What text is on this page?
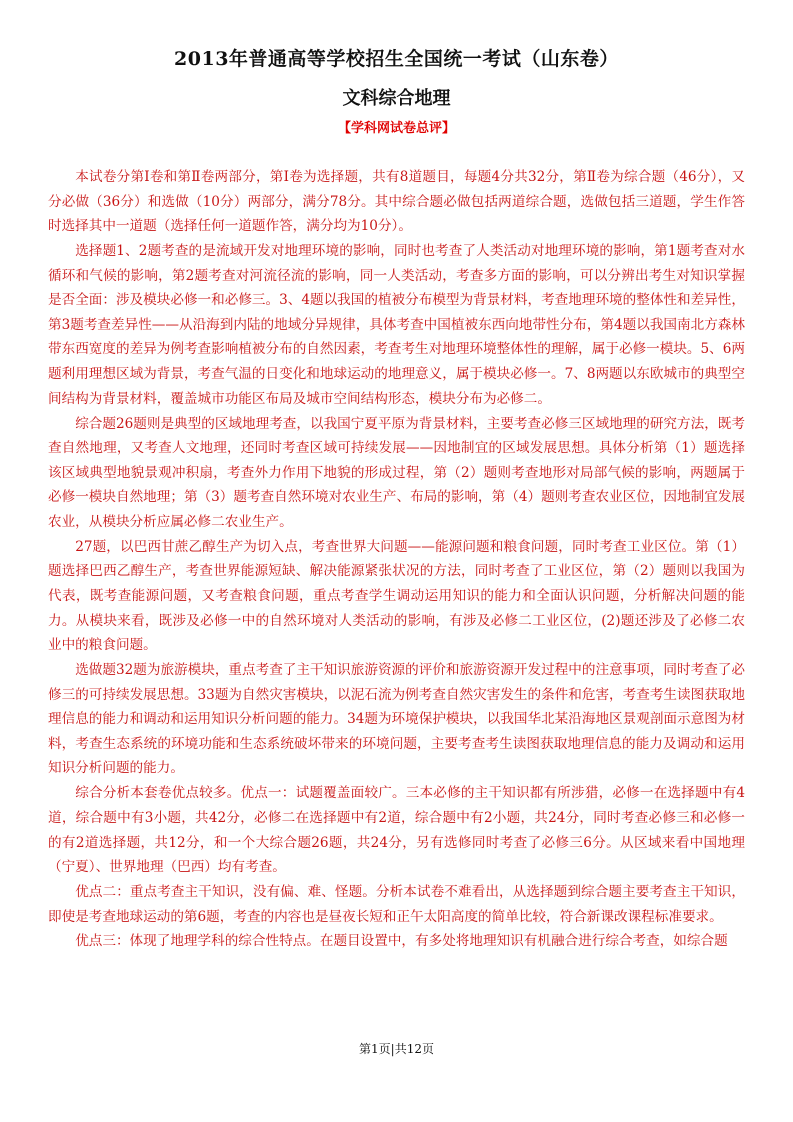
2013年普通高等学校招生全国统一考试（山东卷）
文科综合地理
【学科网试卷总评】

本试卷分第Ⅰ卷和第Ⅱ卷两部分，第Ⅰ卷为选择题，共有8道题目，每题4分共32分，第Ⅱ卷为综合题（46分），又分必做（36分）和选做（10分）两部分，满分78分。其中综合题必做包括两道综合题，选做包括三道题，学生作答时选择其中一道题（选择任何一道题作答，满分均为10分）。

选择题1、2题考查的是流域开发对地理环境的影响，同时也考查了人类活动对地理环境的影响，第1题考查对水循环和气候的影响，第2题考查对河流径流的影响，同一人类活动，考查多方面的影响，可以分辨出考生对知识掌握是否全面：涉及模块必修一和必修三。3、4题以我国的植被分布模型为背景材料，考查地理环境的整体性和差异性，第3题考查差异性——从沿海到内陆的地域分异规律，具体考查中国植被东西向地带性分布，第4题以我国南北方森林带东西宽度的差异为例考查影响植被分布的自然因素，考查考生对地理环境整体性的理解，属于必修一模块。5、6两题利用理想区域为背景，考查气温的日变化和地球运动的地理意义，属于模块必修一。7、8两题以东欧城市的典型空间结构为背景材料，覆盖城市功能区布局及城市空间结构形态，模块分布为必修二。

综合题26题则是典型的区域地理考查，以我国宁夏平原为背景材料，主要考查必修三区域地理的研究方法，既考查自然地理，又考查人文地理，还同时考查区域可持续发展——因地制宜的区域发展思想。具体分析第（1）题选择该区域典型地貌景观冲积扇，考查外力作用下地貌的形成过程，第（2）题则考查地形对局部气候的影响，两题属于必修一模块自然地理；第（3）题考查自然环境对农业生产、布局的影响，第（4）题则考查农业区位，因地制宜发展农业，从模块分析应属必修二农业生产。

27题，以巴西甘蔗乙醇生产为切入点，考查世界大问题——能源问题和粮食问题，同时考查工业区位。第（1）题选择巴西乙醇生产，考查世界能源短缺、解决能源紧张状况的方法，同时考查了工业区位，第（2）题则以我国为代表，既考查能源问题，又考查粮食问题，重点考查学生调动运用知识的能力和全面认识问题，分析解决问题的能力。从模块来看，既涉及必修一中的自然环境对人类活动的影响，有涉及必修二工业区位，(2)题还涉及了必修二农业中的粮食问题。

选做题32题为旅游模块，重点考查了主干知识旅游资源的评价和旅游资源开发过程中的注意事项，同时考查了必修三的可持续发展思想。33题为自然灾害模块，以泥石流为例考查自然灾害发生的条件和危害，考查考生读图获取地理信息的能力和调动和运用知识分析问题的能力。34题为环境保护模块，以我国华北某沿海地区景观剖面示意图为材料，考查生态系统的环境功能和生态系统破坏带来的环境问题，主要考查考生读图获取地理信息的能力及调动和运用知识分析问题的能力。

综合分析本套卷优点较多。优点一：试题覆盖面较广。三本必修的主干知识都有所涉猎，必修一在选择题中有4道，综合题中有3小题，共42分，必修二在选择题中有2道，综合题中有2小题，共24分，同时考查必修三和必修一的有2道选择题，共12分，和一个大综合题26题，共24分，另有选修同时考查了必修三6分。从区域来看中国地理（宁夏）、世界地理（巴西）均有考查。

优点二：重点考查主干知识，没有偏、难、怪题。分析本试卷不难看出，从选择题到综合题主要考查主干知识，即使是考查地球运动的第6题，考查的内容也是昼夜长短和正午太阳高度的简单比较，符合新课改课程标准要求。

优点三：体现了地理学科的综合性特点。在题目设置中，有多处将地理知识有机融合进行综合考查，如综合题

第1页|共12页
